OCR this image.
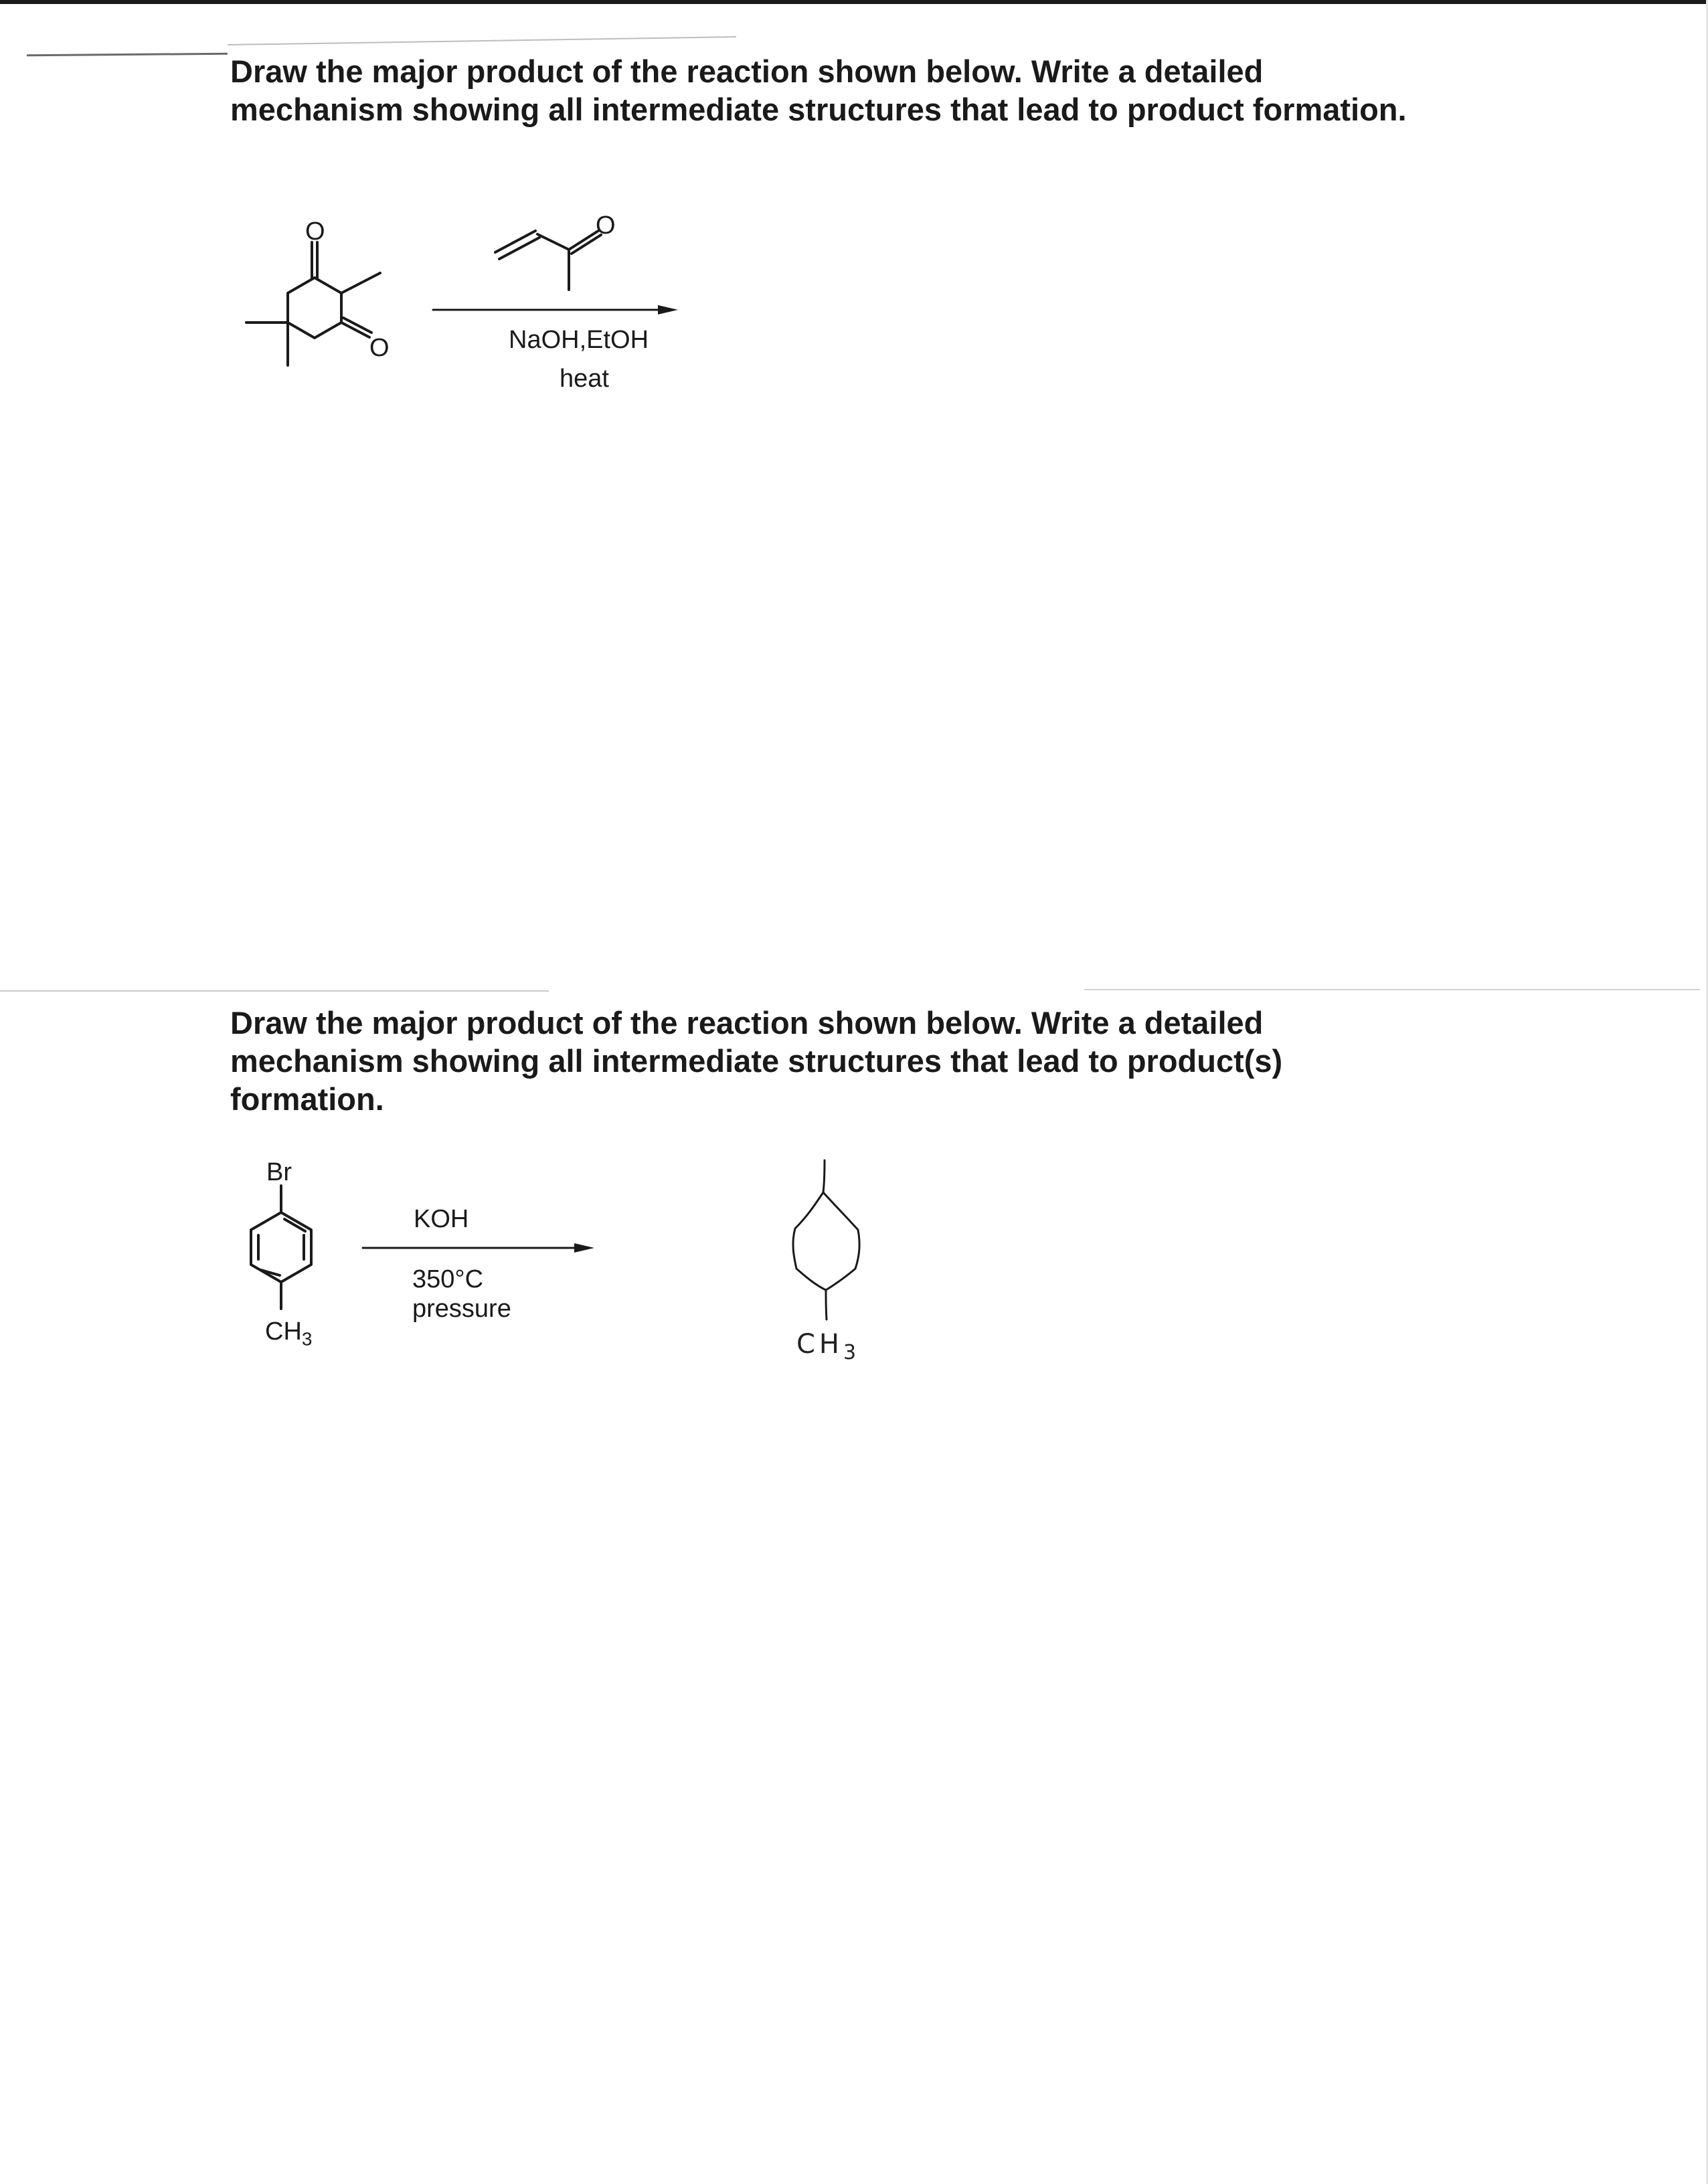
Draw the major product of the reaction shown below. Write a detailed mechanism showing all intermediate structures that lead to product formation.

O
O
O
NaOH,EtOH
heat

Draw the major product of the reaction shown below. Write a detailed mechanism showing all intermediate structures that lead to product(s) formation.

Br
$CH_3$
KOH
350°C
pressure
$CH_3$
